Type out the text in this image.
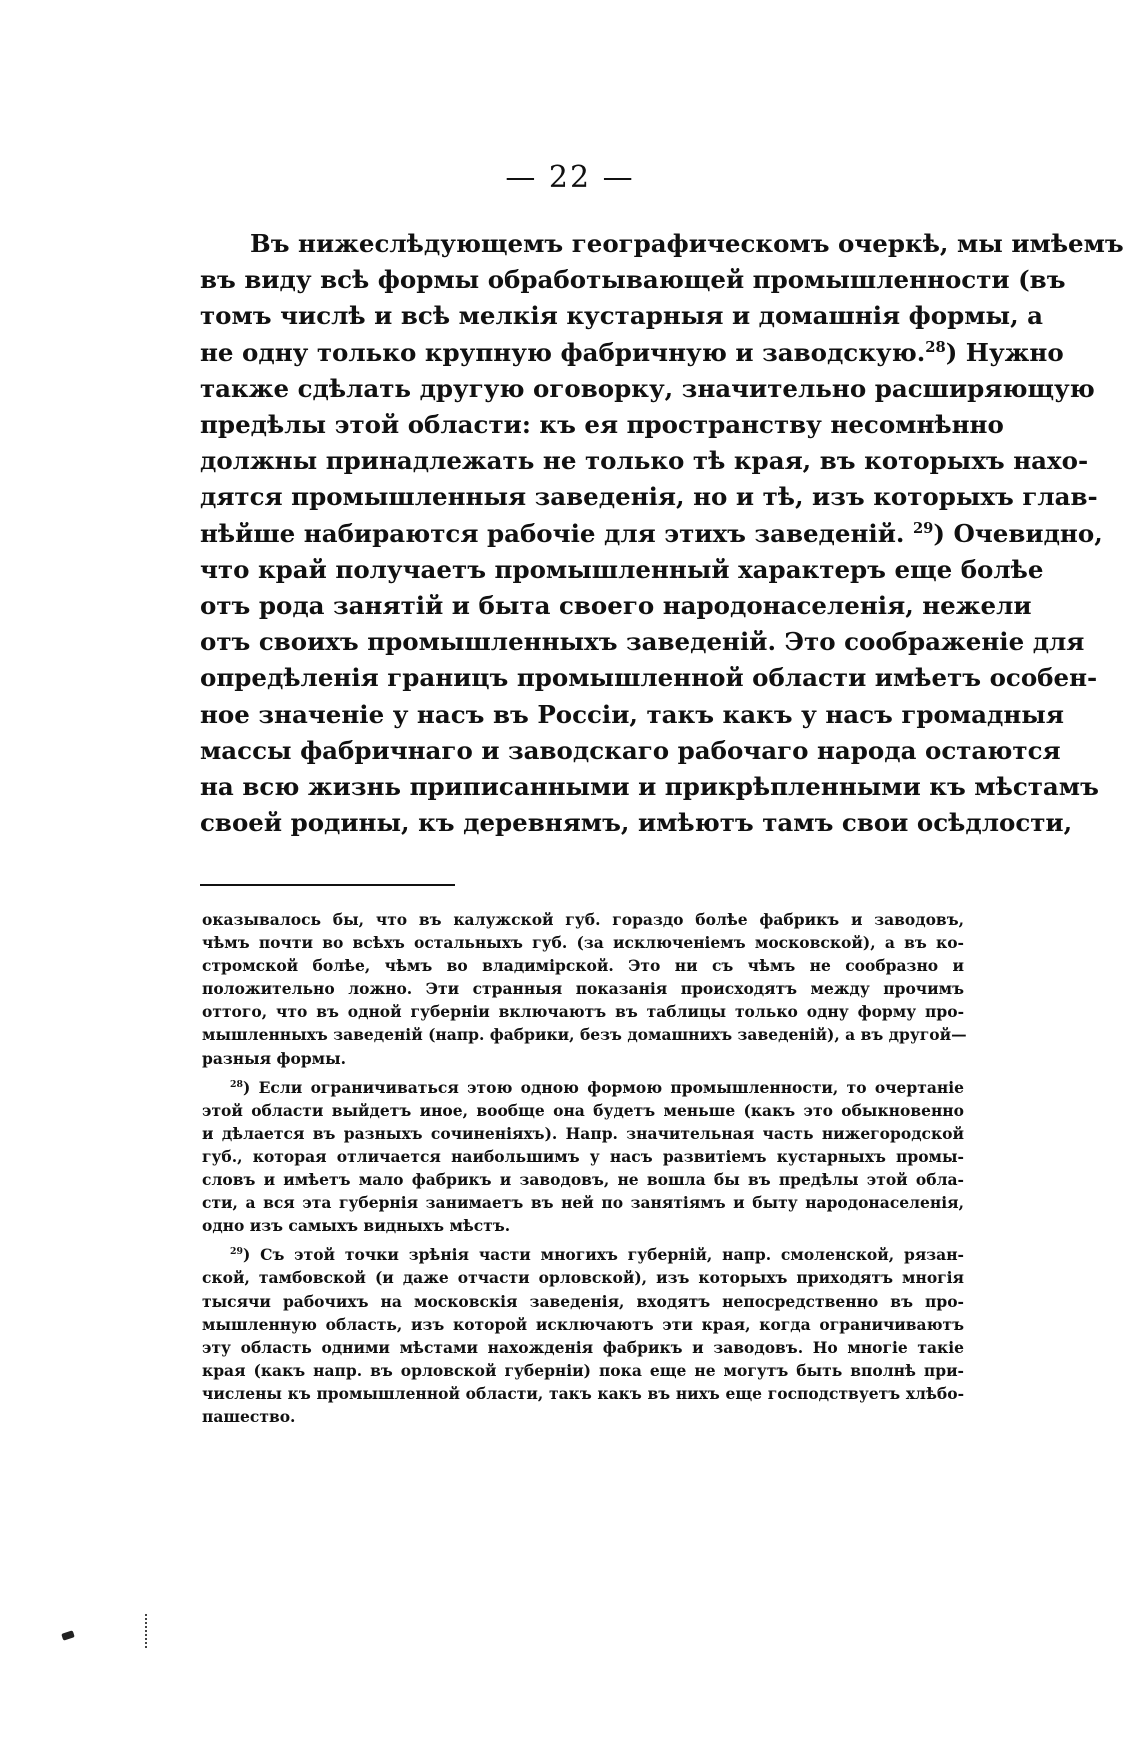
— 22 —
Въ нижеслѣдующемъ географическомъ очеркѣ, мы имѣемъ
въ виду всѣ формы обработывающей промышленности (въ
томъ числѣ и всѣ мелкія кустарныя и домашнія формы, а
не одну только крупную фабричную и заводскую.$^{28}$) Нужно
также сдѣлать другую оговорку, значительно расширяющую
предѣлы этой области: къ ея пространству несомнѣнно
должны принадлежать не только тѣ края, въ которыхъ нахо-
дятся промышленныя заведенія, но и тѣ, изъ которыхъ глав-
нѣйше набираются рабочіе для этихъ заведеній. $^{29}$) Очевидно,
что край получаетъ промышленный характеръ еще болѣе
отъ рода занятій и быта своего народонаселенія, нежели
отъ своихъ промышленныхъ заведеній. Это соображеніе для
опредѣленія границъ промышленной области имѣетъ особен-
ное значеніе у насъ въ Россіи, такъ какъ у насъ громадныя
массы фабричнаго и заводскаго рабочаго народа остаются
на всю жизнь приписанными и прикрѣпленными къ мѣстамъ
своей родины, къ деревнямъ, имѣютъ тамъ свои осѣдлости,
оказывалось бы, что въ калужской губ. гораздо болѣе фабрикъ и заводовъ,
чѣмъ почти во всѣхъ остальныхъ губ. (за исключеніемъ московской), а въ ко-
стромской болѣе, чѣмъ во владимірской. Это ни съ чѣмъ не сообразно и
положительно ложно. Эти странныя показанія происходятъ между прочимъ
оттого, что въ одной губерніи включаютъ въ таблицы только одну форму про-
мышленныхъ заведеній (напр. фабрики, безъ домашнихъ заведеній), а въ другой—
разныя формы.
$^{28}$) Если ограничиваться этою одною формою промышленности, то очертаніе
этой области выйдетъ иное, вообще она будетъ меньше (какъ это обыкновенно
и дѣлается въ разныхъ сочиненіяхъ). Напр. значительная часть нижегородской
губ., которая отличается наибольшимъ у насъ развитіемъ кустарныхъ промы-
словъ и имѣетъ мало фабрикъ и заводовъ, не вошла бы въ предѣлы этой обла-
сти, а вся эта губернія занимаетъ въ ней по занятіямъ и быту народонаселенія,
одно изъ самыхъ видныхъ мѣстъ.
$^{29}$) Съ этой точки зрѣнія части многихъ губерній, напр. смоленской, рязан-
ской, тамбовской (и даже отчасти орловской), изъ которыхъ приходятъ многія
тысячи рабочихъ на московскія заведенія, входятъ непосредственно въ про-
мышленную область, изъ которой исключаютъ эти края, когда ограничиваютъ
эту область одними мѣстами нахожденія фабрикъ и заводовъ. Но многіе такіе
края (какъ напр. въ орловской губерніи) пока еще не могутъ быть вполнѣ при-
числены къ промышленной области, такъ какъ въ нихъ еще господствуетъ хлѣбо-
пашество.
